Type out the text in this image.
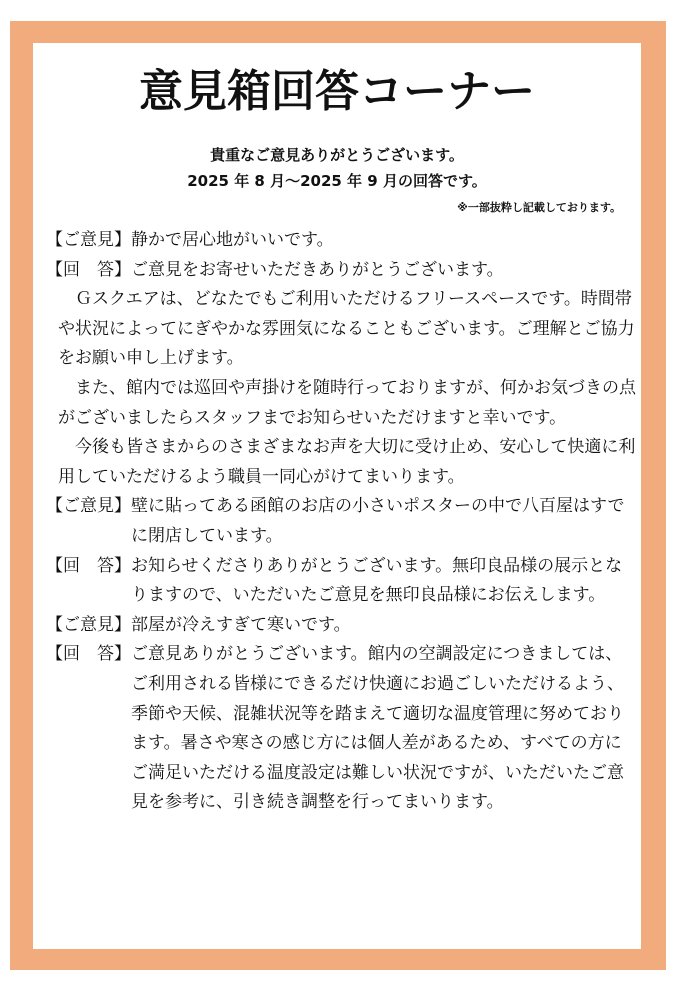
意見箱回答コーナー
貴重なご意見ありがとうございます。
2025 年 8 月～2025 年 9 月の回答です。
※一部抜粋し記載しております。
【ご意見】 静かで居心地がいいです。
【回　答】 ご意見をお寄せいただきありがとうございます。
Ｇスクエアは、どなたでもご利用いただけるフリースペースです。時間帯や状況によってにぎやかな雰囲気になることもございます。ご理解とご協力をお願い申し上げます。
また、館内では巡回や声掛けを随時行っておりますが、何かお気づきの点がございましたらスタッフまでお知らせいただけますと幸いです。
今後も皆さまからのさまざまなお声を大切に受け止め、安心して快適に利用していただけるよう職員一同心がけてまいります。
【ご意見】 壁に貼ってある函館のお店の小さいポスターの中で八百屋はすでに閉店しています。
【回　答】 お知らせくださりありがとうございます。無印良品様の展示となりますので、いただいたご意見を無印良品様にお伝えします。
【ご意見】 部屋が冷えすぎて寒いです。
【回　答】 ご意見ありがとうございます。館内の空調設定につきましては、ご利用される皆様にできるだけ快適にお過ごしいただけるよう、季節や天候、混雑状況等を踏まえて適切な温度管理に努めております。暑さや寒さの感じ方には個人差があるため、すべての方にご満足いただける温度設定は難しい状況ですが、いただいたご意見を参考に、引き続き調整を行ってまいります。
